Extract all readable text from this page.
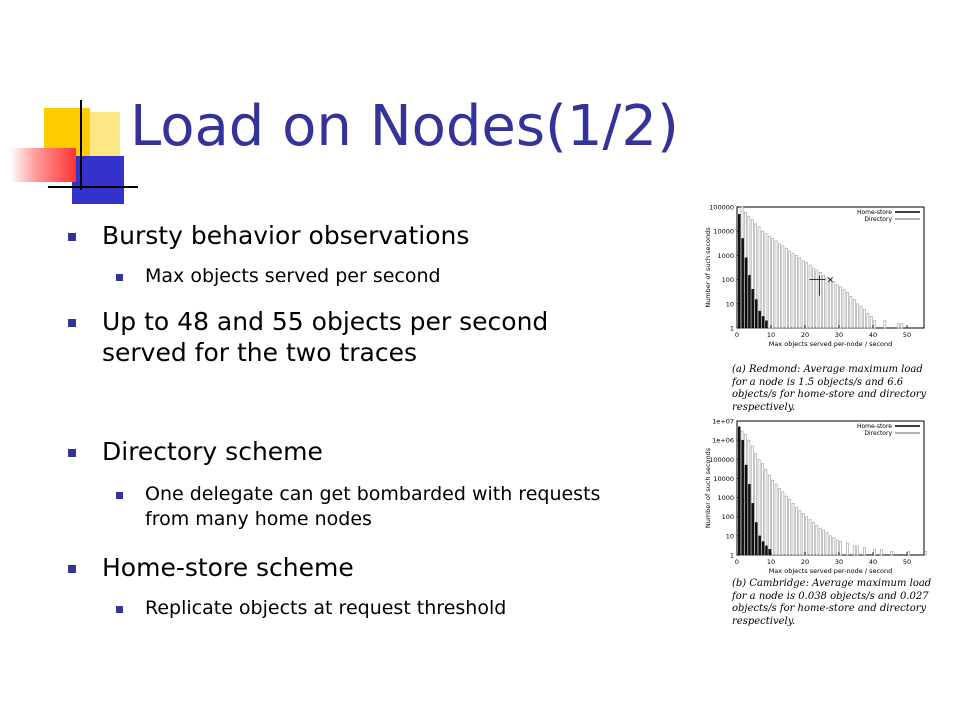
Load on Nodes(1/2)
Bursty behavior observations
Max objects served per second
Up to 48 and 55 objects per second served for the two traces
Directory scheme
One delegate can get bombarded with requests from many home nodes
Home-store scheme
Replicate objects at request threshold
1
10
100
1000
10000
100000
0	10	20	30	40	50
Max objects served per-node / second
Number of such seconds
Home-store
Directory
×
(a) Redmond: Average maximum load for a node is 1.5 objects/s and 6.6 objects/s for home-store and directory respectively.
1
10
100
1000
10000
100000
1e+06
1e+07
0	10	20	30	40	50
Max objects served per-node / second
Number of such seconds
Home-store
Directory
(b) Cambridge: Average maximum load for a node is 0.038 objects/s and 0.027 objects/s for home-store and directory respectively.
